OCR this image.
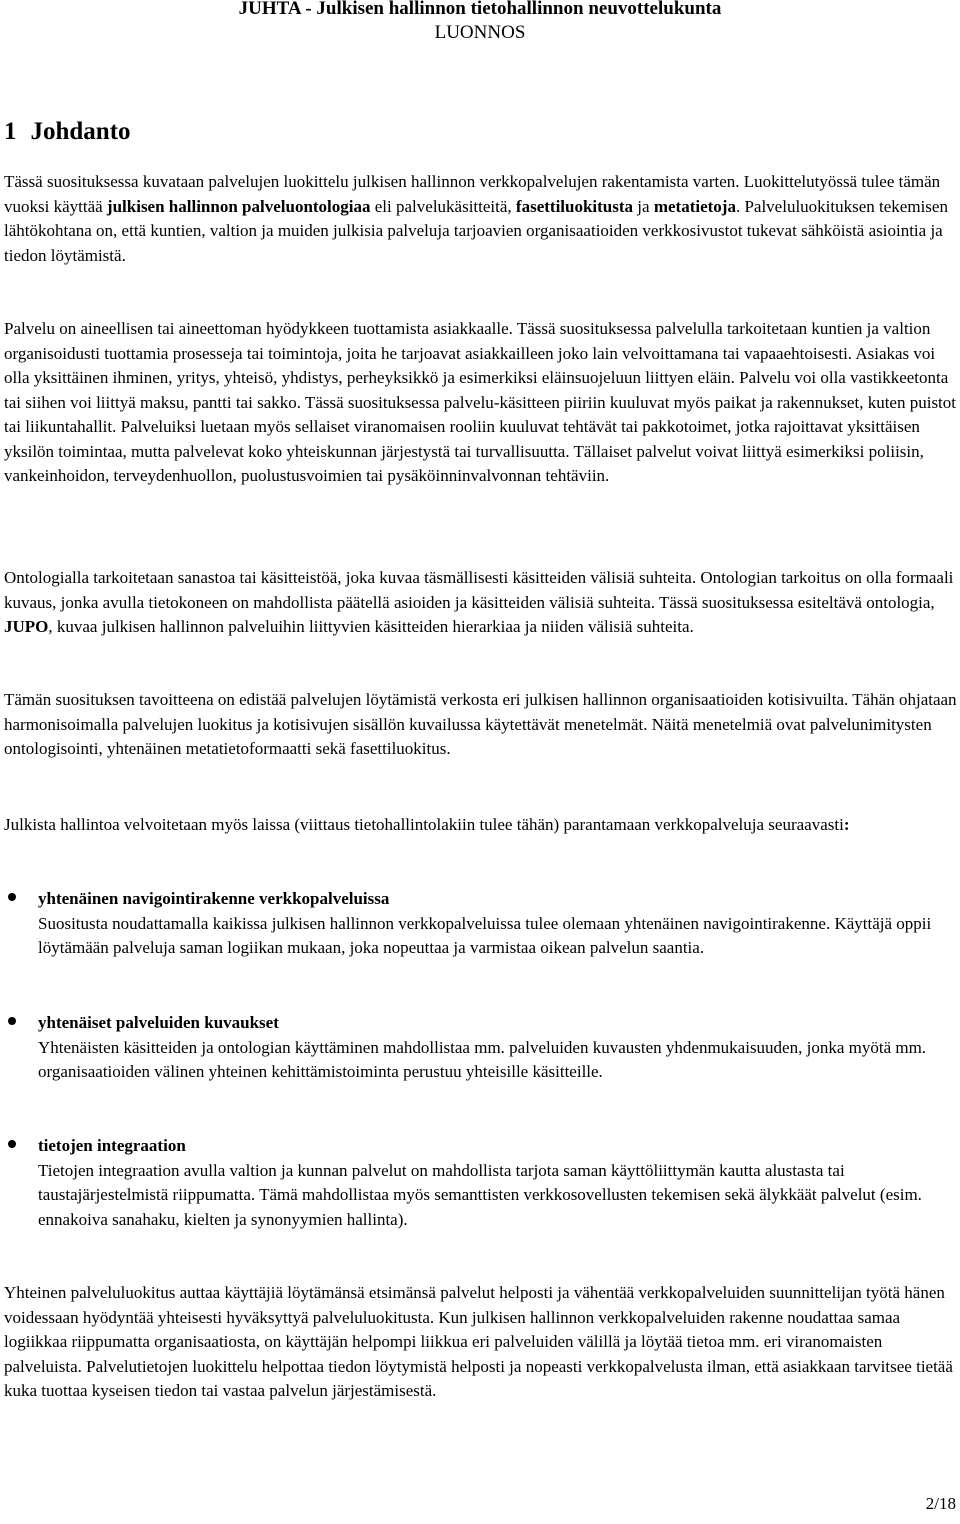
JUHTA - Julkisen hallinnon tietohallinnon neuvottelukunta
LUONNOS
1 Johdanto

Tässä suosituksessa kuvataan palvelujen luokittelu julkisen hallinnon verkkopalvelujen rakentamista varten. Luokittelutyössä tulee tämän vuoksi käyttää julkisen hallinnon palveluontologiaa eli palvelukäsitteitä, fasettiluokitusta ja metatietoja. Palveluluokituksen tekemisen lähtökohtana on, että kuntien, valtion ja muiden julkisia palveluja tarjoavien organisaatioiden verkkosivustot tukevat sähköistä asiointia ja tiedon löytämistä.

Palvelu on aineellisen tai aineettoman hyödykkeen tuottamista asiakkaalle. Tässä suosituksessa palvelulla tarkoitetaan kuntien ja valtion organisoidusti tuottamia prosesseja tai toimintoja, joita he tarjoavat asiakkailleen joko lain velvoittamana tai vapaaehtoisesti. Asiakas voi olla yksittäinen ihminen, yritys, yhteisö, yhdistys, perheyksikkö ja esimerkiksi eläinsuojeluun liittyen eläin. Palvelu voi olla vastikkeetonta tai siihen voi liittyä maksu, pantti tai sakko. Tässä suosituksessa palvelu-käsitteen piiriin kuuluvat myös paikat ja rakennukset, kuten puistot tai liikuntahallit. Palveluiksi luetaan myös sellaiset viranomaisen rooliin kuuluvat tehtävät tai pakkotoimet, jotka rajoittavat yksittäisen yksilön toimintaa, mutta palvelevat koko yhteiskunnan järjestystä tai turvallisuutta. Tällaiset palvelut voivat liittyä esimerkiksi poliisin, vankeinhoidon, terveydenhuollon, puolustusvoimien tai pysäköinninvalvonnan tehtäviin.

Ontologialla tarkoitetaan sanastoa tai käsitteistöä, joka kuvaa täsmällisesti käsitteiden välisiä suhteita. Ontologian tarkoitus on olla formaali kuvaus, jonka avulla tietokoneen on mahdollista päätellä asioiden ja käsitteiden välisiä suhteita. Tässä suosituksessa esiteltävä ontologia, JUPO, kuvaa julkisen hallinnon palveluihin liittyvien käsitteiden hierarkiaa ja niiden välisiä suhteita.

Tämän suosituksen tavoitteena on edistää palvelujen löytämistä verkosta eri julkisen hallinnon organisaatioiden kotisivuilta. Tähän ohjataan harmonisoimalla palvelujen luokitus ja kotisivujen sisällön kuvailussa käytettävät menetelmät. Näitä menetelmiä ovat palvelunimitysten ontologisointi, yhtenäinen metatietoformaatti sekä fasettiluokitus.

Julkista hallintoa velvoitetaan myös laissa (viittaus tietohallintolakiin tulee tähän) parantamaan verkkopalveluja seuraavasti:

yhtenäinen navigointirakenne verkkopalveluissa
Suositusta noudattamalla kaikissa julkisen hallinnon verkkopalveluissa tulee olemaan yhtenäinen navigointirakenne. Käyttäjä oppii löytämään palveluja saman logiikan mukaan, joka nopeuttaa ja varmistaa oikean palvelun saantia.
yhtenäiset palveluiden kuvaukset
Yhtenäisten käsitteiden ja ontologian käyttäminen mahdollistaa mm. palveluiden kuvausten yhdenmukaisuuden, jonka myötä mm. organisaatioiden välinen yhteinen kehittämistoiminta perustuu yhteisille käsitteille.
tietojen integraation
Tietojen integraation avulla valtion ja kunnan palvelut on mahdollista tarjota saman käyttöliittymän kautta alustasta tai taustajärjestelmistä riippumatta. Tämä mahdollistaa myös semanttisten verkkosovellusten tekemisen sekä älykkäät palvelut (esim. ennakoiva sanahaku, kielten ja synonyymien hallinta).

Yhteinen palveluluokitus auttaa käyttäjiä löytämänsä etsimänsä palvelut helposti ja vähentää verkkopalveluiden suunnittelijan työtä hänen voidessaan hyödyntää yhteisesti hyväksyttyä palveluluokitusta. Kun julkisen hallinnon verkkopalveluiden rakenne noudattaa samaa logiikkaa riippumatta organisaatiosta, on käyttäjän helpompi liikkua eri palveluiden välillä ja löytää tietoa mm. eri viranomaisten palveluista. Palvelutietojen luokittelu helpottaa tiedon löytymistä helposti ja nopeasti verkkopalvelusta ilman, että asiakkaan tarvitsee tietää kuka tuottaa kyseisen tiedon tai vastaa palvelun järjestämisestä.

2/18
